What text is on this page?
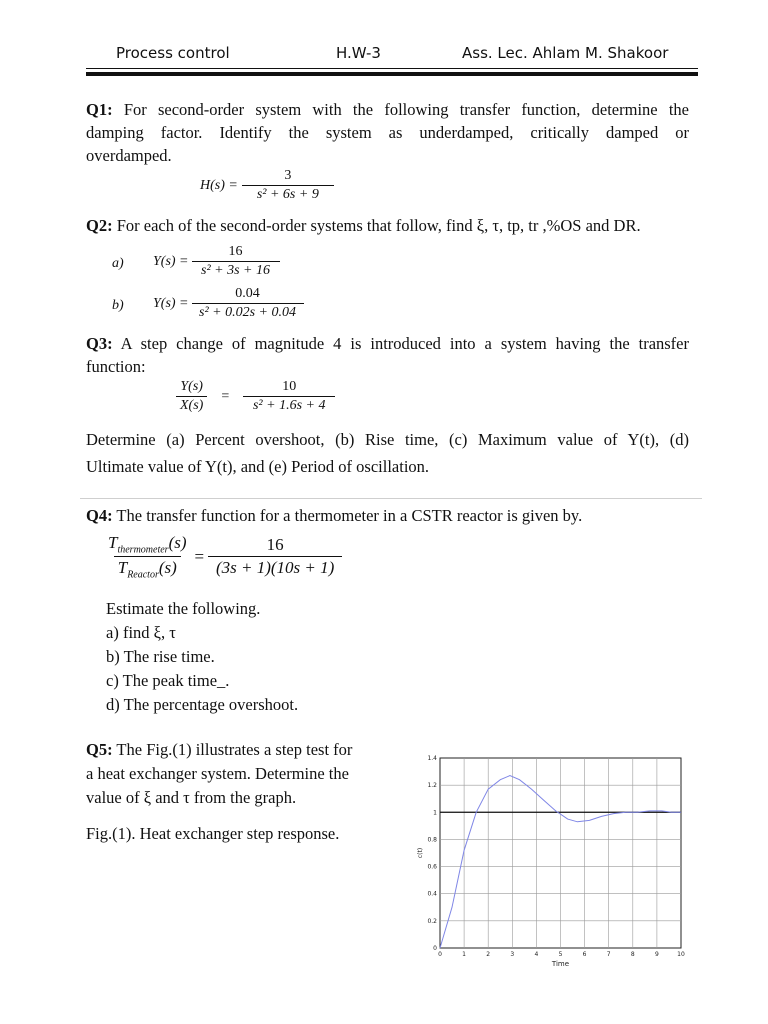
Process control	H.W-3	Ass. Lec. Ahlam M. Shakoor
Q1: For second-order system with the following transfer function, determine the
damping factor. Identify the system as underdamped, critically damped or
overdamped.
$H(s) = \frac{3}{\text{s² + 6s + 9}}$
Q2: For each of the second-order systems that follow, find ξ, τ, tp, tr ,%OS and DR.
a) $Y(s) = \frac{16}{\text{s² + 3s + 16}}$
b) $Y(s) = \frac{0.04}{\text{s² + 0.02s + 0.04}}$
Q3: A step change of magnitude 4 is introduced into a system having the transfer
function:
$\frac{Y(s)}{X(s)} = \frac{10}{\text{s² + 1.6s + 4}}$
Determine (a) Percent overshoot, (b) Rise time, (c) Maximum value of Y(t), (d)
Ultimate value of Y(t), and (e) Period of oscillation.
Q4: The transfer function for a thermometer in a CSTR reactor is given by.
$\frac{T_{thermometer}(s)}{T_{Reactor}(s)} = \frac{16}{(3s + 1)(10s + 1)}$
Estimate the following.
a) find ξ, τ
b) The rise time.
c) The peak time_.
d) The percentage overshoot.
Q5: The Fig.(1) illustrates a step test for
a heat exchanger system. Determine the
value of ξ and τ from the graph.
Fig.(1). Heat exchanger step response.
0	1	2	3	4	5	6	7	8	9	10
0
0.2
0.4
0.6
0.8
1
1.2
1.4
Time
c(t)
